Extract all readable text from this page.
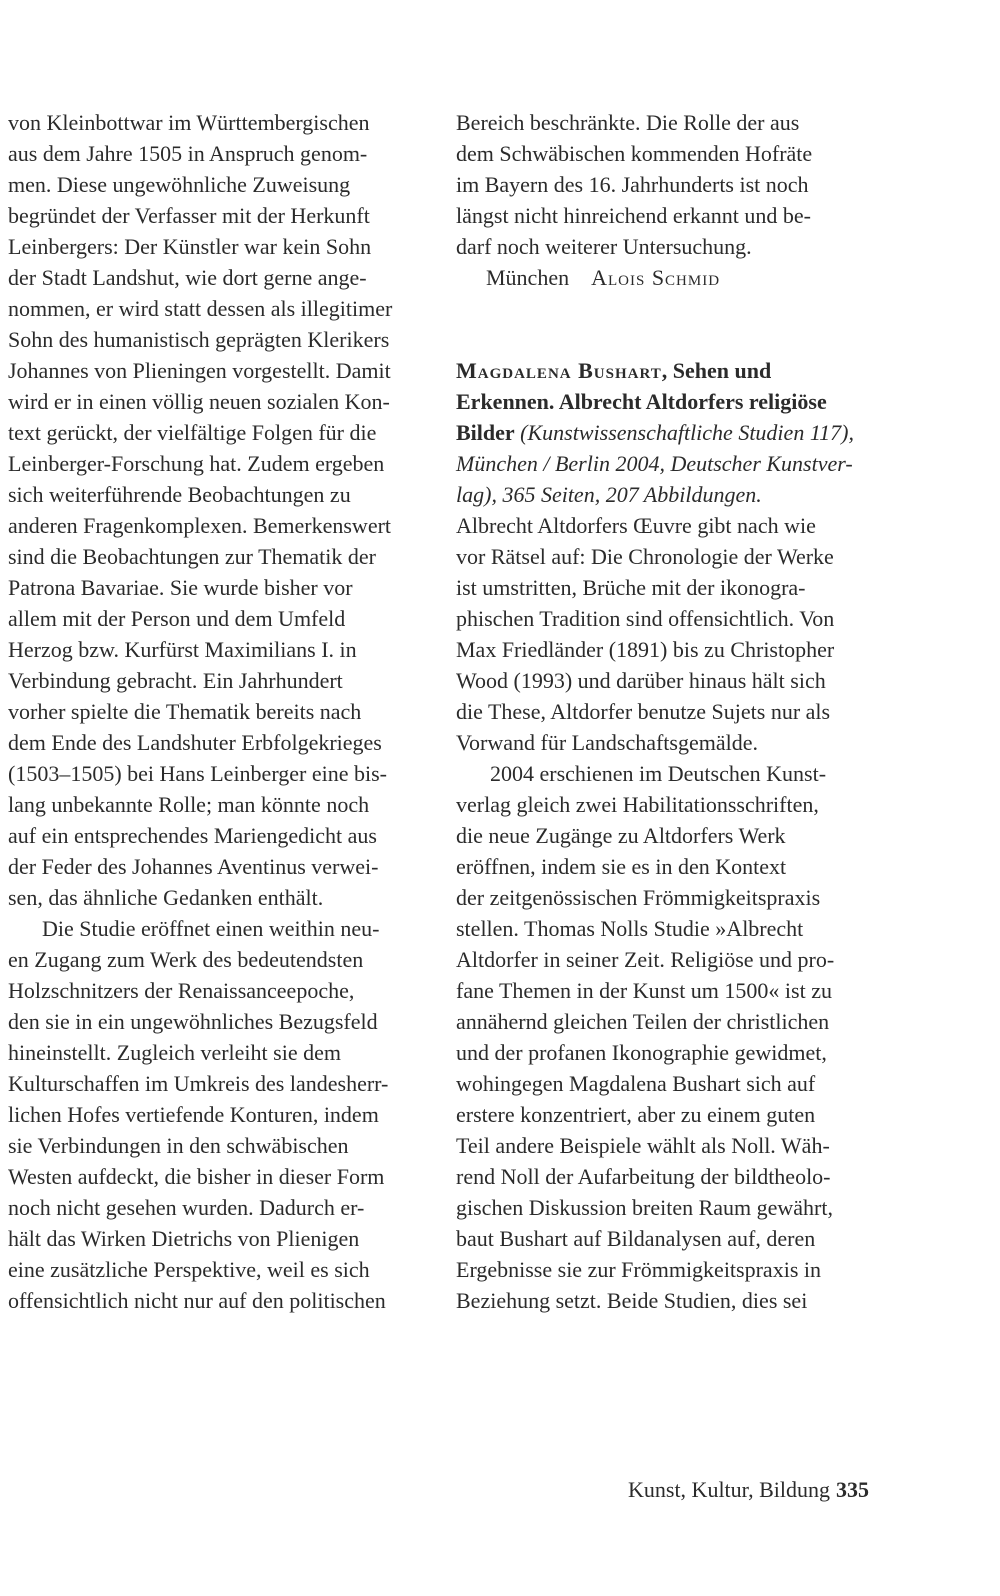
von Kleinbottwar im Württembergischen
aus dem Jahre 1505 in Anspruch genom-
men. Diese ungewöhnliche Zuweisung
begründet der Verfasser mit der Herkunft
Leinbergers: Der Künstler war kein Sohn
der Stadt Landshut, wie dort gerne ange-
nommen, er wird statt dessen als illegitimer
Sohn des humanistisch geprägten Klerikers
Johannes von Plieningen vorgestellt. Damit
wird er in einen völlig neuen sozialen Kon-
text gerückt, der vielfältige Folgen für die
Leinberger-Forschung hat. Zudem ergeben
sich weiterführende Beobachtungen zu
anderen Fragenkomplexen. Bemerkenswert
sind die Beobachtungen zur Thematik der
Patrona Bavariae. Sie wurde bisher vor
allem mit der Person und dem Umfeld
Herzog bzw. Kurfürst Maximilians I. in
Verbindung gebracht. Ein Jahrhundert
vorher spielte die Thematik bereits nach
dem Ende des Landshuter Erbfolgekrieges
(1503–1505) bei Hans Leinberger eine bis-
lang unbekannte Rolle; man könnte noch
auf ein entsprechendes Mariengedicht aus
der Feder des Johannes Aventinus verwei-
sen, das ähnliche Gedanken enthält.
Die Studie eröffnet einen weithin neu-
en Zugang zum Werk des bedeutendsten
Holzschnitzers der Renaissanceepoche,
den sie in ein ungewöhnliches Bezugsfeld
hineinstellt. Zugleich verleiht sie dem
Kulturschaffen im Umkreis des landesherr-
lichen Hofes vertiefende Konturen, indem
sie Verbindungen in den schwäbischen
Westen aufdeckt, die bisher in dieser Form
noch nicht gesehen wurden. Dadurch er-
hält das Wirken Dietrichs von Plienigen
eine zusätzliche Perspektive, weil es sich
offensichtlich nicht nur auf den politischen
Bereich beschränkte. Die Rolle der aus
dem Schwäbischen kommenden Hofräte
im Bayern des 16. Jahrhunderts ist noch
längst nicht hinreichend erkannt und be-
darf noch weiterer Untersuchung.
München Alois Schmid
Magdalena Bushart, Sehen und
Erkennen. Albrecht Altdorfers religiöse
Bilder (Kunstwissenschaftliche Studien 117),
München / Berlin 2004, Deutscher Kunstver-
lag), 365 Seiten, 207 Abbildungen.
Albrecht Altdorfers Œuvre gibt nach wie
vor Rätsel auf: Die Chronologie der Werke
ist umstritten, Brüche mit der ikonogra-
phischen Tradition sind offensichtlich. Von
Max Friedländer (1891) bis zu Christopher
Wood (1993) und darüber hinaus hält sich
die These, Altdorfer benutze Sujets nur als
Vorwand für Landschaftsgemälde.
2004 erschienen im Deutschen Kunst-
verlag gleich zwei Habilitationsschriften,
die neue Zugänge zu Altdorfers Werk
eröffnen, indem sie es in den Kontext
der zeitgenössischen Frömmigkeitspraxis
stellen. Thomas Nolls Studie »Albrecht
Altdorfer in seiner Zeit. Religiöse und pro-
fane Themen in der Kunst um 1500« ist zu
annähernd gleichen Teilen der christlichen
und der profanen Ikonographie gewidmet,
wohingegen Magdalena Bushart sich auf
erstere konzentriert, aber zu einem guten
Teil andere Beispiele wählt als Noll. Wäh-
rend Noll der Aufarbeitung der bildtheolo-
gischen Diskussion breiten Raum gewährt,
baut Bushart auf Bildanalysen auf, deren
Ergebnisse sie zur Frömmigkeitspraxis in
Beziehung setzt. Beide Studien, dies sei
Kunst, Kultur, Bildung 335
